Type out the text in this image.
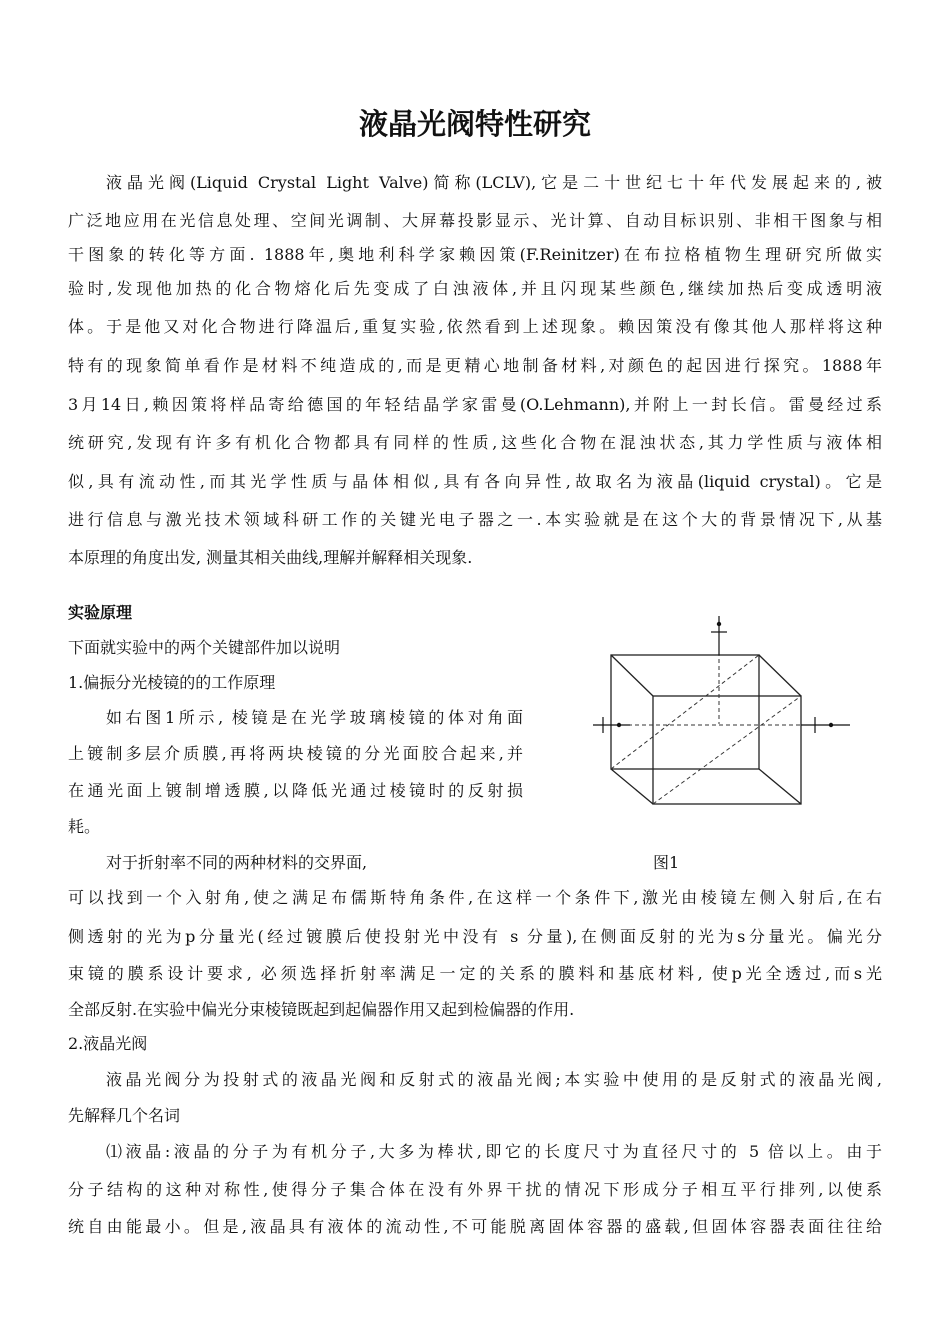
液晶光阀特性研究
液晶光阀(Liquid Crystal Light Valve)简称(LCLV),它是二十世纪七十年代发展起来的,被
广泛地应用在光信息处理、空间光调制、大屏幕投影显示、光计算、自动目标识别、非相干图象与相
干图象的转化等方面. 1888年,奥地利科学家赖因策(F.Reinitzer)在布拉格植物生理研究所做实
验时,发现他加热的化合物熔化后先变成了白浊液体,并且闪现某些颜色,继续加热后变成透明液
体。于是他又对化合物进行降温后,重复实验,依然看到上述现象。赖因策没有像其他人那样将这种
特有的现象简单看作是材料不纯造成的,而是更精心地制备材料,对颜色的起因进行探究。1888年
3月14日,赖因策将样品寄给德国的年轻结晶学家雷曼(O.Lehmann),并附上一封长信。雷曼经过系
统研究,发现有许多有机化合物都具有同样的性质,这些化合物在混浊状态,其力学性质与液体相
似,具有流动性,而其光学性质与晶体相似,具有各向异性,故取名为液晶(liquid crystal)。它是
进行信息与激光技术领域科研工作的关键光电子器之一.本实验就是在这个大的背景情况下,从基
本原理的角度出发, 测量其相关曲线,理解并解释相关现象.
实验原理
下面就实验中的两个关键部件加以说明
1.偏振分光棱镜的的工作原理
如右图1所示, 棱镜是在光学玻璃棱镜的体对角面
上镀制多层介质膜,再将两块棱镜的分光面胶合起来,并
在通光面上镀制增透膜,以降低光通过棱镜时的反射损
耗。
对于折射率不同的两种材料的交界面,	图1
可以找到一个入射角,使之满足布儒斯特角条件,在这样一个条件下,激光由棱镜左侧入射后,在右
侧透射的光为p分量光(经过镀膜后使投射光中没有 s 分量),在侧面反射的光为s分量光。偏光分
束镜的膜系设计要求, 必须选择折射率满足一定的关系的膜料和基底材料, 使p光全透过,而s光
全部反射.在实验中偏光分束棱镜既起到起偏器作用又起到检偏器的作用.
2.液晶光阀
液晶光阀分为投射式的液晶光阀和反射式的液晶光阀;本实验中使用的是反射式的液晶光阀,
先解释几个名词
⑴液晶:液晶的分子为有机分子,大多为棒状,即它的长度尺寸为直径尺寸的 5 倍以上。由于
分子结构的这种对称性,使得分子集合体在没有外界干扰的情况下形成分子相互平行排列,以使系
统自由能最小。但是,液晶具有液体的流动性,不可能脱离固体容器的盛载,但固体容器表面往往给
